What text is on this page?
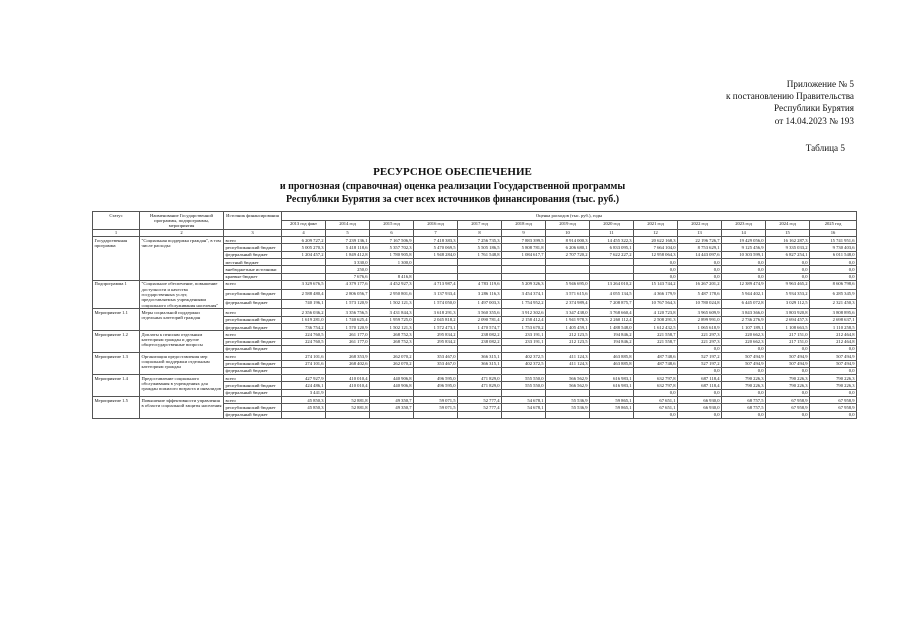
Приложение № 5
к постановлению Правительства
Республики Бурятия
от 14.04.2023 № 193
Таблица 5
РЕСУРСНОЕ ОБЕСПЕЧЕНИЕ
и прогнозная (справочная) оценка реализации Государственной программы
Республики Бурятия за счет всех источников финансирования (тыс. руб.)
Статус	Наименование Государственной программы, подпрограммы, мероприятия	Источник финансирования	Оценка расходов (тыс. руб.), годы												
			2013 год факт	2014 год	2015 год	2016 год	2017 год	2018 год	2019 год	2020 год	2021 год	2022 год	2023 год	2024 год	2025 год
1	2	3	4	5	6	7	8	9	10	11	12	13	14	15	16
Государственная программа	"Социальная поддержка граждан", в том числе расходы:	всего	6 209 727,2	7 239 136,1	7 167 506,9	7 418 383,3	7 256 735,3	7 883 399,5	8 914 000,3	14 455 322,3	20 622 168,3	22 196 726,7	19 429 056,0	16 162 287,3	15 741 951,6
		республиканский бюджет	5 005 270,3	5 418 118,6	5 357 702,3	5 470 069,5	5 505 186,5	5 808 781,8	6 206 680,1	6 833 095,1	7 664 104,0	8 753 629,1	9 125 456,9	9 335 033,2	9 730 403,6
		федеральный бюджет	1 204 457,2	1 849 412,8	1 780 905,8	1 948 284,0	1 761 548,8	1 084 617,7	2 707 720,2	7 622 227,2	12 958 064,3	14 443 097,6	10 303 599,1	6 827 254,1	6 011 548,0
		местный бюджет		3 330,0	1 300,0						0,0	0,0	0,0	0,0	0,0
		внебюджетные источники		250,0							0,0	0,0	0,0	0,0	0,0
		краевые бюджет		7 676,6	8 416,8						0,0	0,0	0,0	0,0	0,0
Подпрограмма 1	"Социальное обеспечение, повышение доступности и качества государственных услуг, предоставляемых учреждениями социального обслуживания населения"	всего	3 329 676,5	4 379 177,6	4 452 927,3	4 713 987,4	4 783 119,6	5 209 326,3	5 946 695,0	13 264 010,2	15 143 744,2	16 267 201,2	12 389 474,9	9 963 465,2	8 606 798,6
		республиканский бюджет	2 588 480,4	2 806 056,7	2 950 801,6	3 137 933,4	3 286 116,3	3 454 374,1	3 571 615,6	4 055 134,5	4 366 179,9	5 487 178,6	5 944 402,1	5 934 353,2	6 285 345,9
		федеральный бюджет	740 196,1	1 573 120,9	1 502 121,3	1 574 050,0	1 497 003,3	1 754 952,2	2 374 989,4	7 208 875,7	10 767 564,3	10 780 024,8	6 445 072,8	3 029 112,5	2 321 450,3
Мероприятие 1.1	Меры социальной поддержки отдельных категорий граждан	всего	2 356 036,2	3 356 756,5	3 431 844,3	3 618 291,3	3 560 355,6	3 912 302,6	3 347 438,0	3 768 660,4	4 120 723,8	3 965 609,9	3 843 366,0	3 803 920,8	3 808 895,6
		республиканский бюджет	1 619 281,0	1 740 625,4	1 959 725,0	2 045 818,2	2 090 781,4	2 158 412,4	1 941 978,3	2 260 112,4	2 508 291,3	2 899 991,0	2 736 276,9	2 694 457,3	2 698 637,1
		федеральный бюджет	736 754,2	1 570 120,9	1 502 121,3	1 572 473,1	1 470 574,7	1 753 670,2	1 405 459,1	1 488 548,0	1 612 432,5	1 065 618,9	1 107 189,1	1 108 663,5	1 110 258,5
Мероприятие 1.2	Доплаты к пенсиям отдельным категориям граждан и другие общегосударственные вопросы	всего	224 760,5	261 177,0	268 752,3	295 834,2	238 082,2	233 191,1	212 123,5	194 846,2	221 558,7	221 297,3	220 662,3	217 151,0	212 464,8
		республиканский бюджет	224 760,5	261 177,0	268 752,3	295 834,2	238 082,2	233 191,1	212 123,5	194 846,2	221 558,7	221 297,3	220 662,3	217 151,0	212 464,8
		федеральный бюджет										0,0	0,0	0,0	0,0
Мероприятие 1.3	Организация предоставления мер социальной поддержки отдельным категориям граждан	всего	274 101,6	268 353,9	262 070,2	353 467,0	366 315,1	402 372,5	411 124,3	463 885,8	487 748,6	527 197,2	507 494,9	507 494,9	507 494,9
		республиканский бюджет	274 101,6	268 402,6	262 070,2	353 467,0	366 315,1	402 372,5	411 124,3	463 885,8	487 748,6	527 197,2	507 494,9	507 494,9	507 494,9
		федеральный бюджет										0,0	0,0	0,0	0,0
Мероприятие 1.4	Предоставление социального обслуживания в учреждениях для граждан пожилого возраста и инвалидов	всего	427 927,9	410 010,4	440 906,8	496 595,0	471 829,0	555 550,0	566 562,9	616 983,1	632 797,8	687 118,4	790 226,3	790 226,3	790 226,3
		республиканский бюджет	424 486,1	410 010,4	440 906,8	496 595,0	471 829,0	555 550,0	566 562,9	616 983,1	632 797,8	687 118,4	790 226,3	790 226,3	790 226,3
		федеральный бюджет	3 441,9								0,0	0,0	0,0	0,0	0,0
Мероприятие 1.5	Повышение эффективности управления в области социальной защиты населения	всего	45 850,3	52 881,8	49 350,7	59 071,5	52 777,4	54 678,1	55 536,9	59 865,1	67 651,1	66 930,0	68 757,5	67 958,9	67 958,9
		республиканский бюджет	45 850,3	52 881,8	49 350,7	59 071,5	52 777,4	54 678,1	55 536,9	59 865,1	67 651,1	66 930,0	68 757,5	67 958,9	67 958,9
		федеральный бюджет									0,0	0,0	0,0	0,0	0,0
